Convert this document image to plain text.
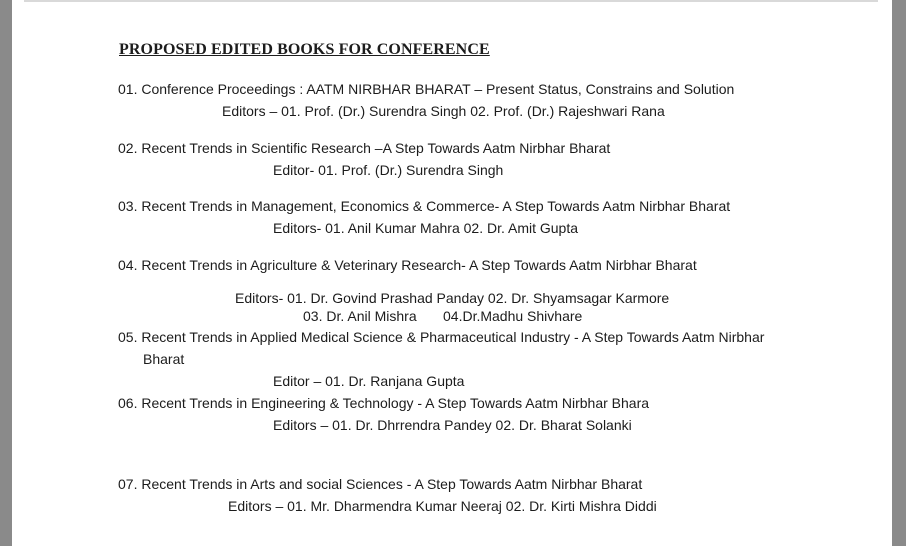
PROPOSED EDITED BOOKS FOR CONFERENCE
01. Conference Proceedings : AATM NIRBHAR BHARAT – Present Status, Constrains and Solution
Editors – 01. Prof. (Dr.) Surendra Singh 02. Prof. (Dr.) Rajeshwari Rana
02. Recent Trends in Scientific Research –A Step Towards Aatm Nirbhar Bharat
Editor- 01. Prof. (Dr.) Surendra Singh
03. Recent Trends in Management, Economics & Commerce- A Step Towards Aatm Nirbhar Bharat
Editors- 01. Anil Kumar Mahra 02. Dr. Amit Gupta
04. Recent Trends in Agriculture & Veterinary Research- A Step Towards Aatm Nirbhar Bharat
Editors- 01. Dr. Govind Prashad Panday 02. Dr. Shyamsagar Karmore
03. Dr. Anil Mishra 04.Dr.Madhu Shivhare
05. Recent Trends in Applied Medical Science & Pharmaceutical Industry - A Step Towards Aatm Nirbhar
Bharat
Editor – 01. Dr. Ranjana Gupta
06. Recent Trends in Engineering & Technology - A Step Towards Aatm Nirbhar Bhara
Editors – 01. Dr. Dhrrendra Pandey 02. Dr. Bharat Solanki
07. Recent Trends in Arts and social Sciences - A Step Towards Aatm Nirbhar Bharat
Editors – 01. Mr. Dharmendra Kumar Neeraj 02. Dr. Kirti Mishra Diddi
